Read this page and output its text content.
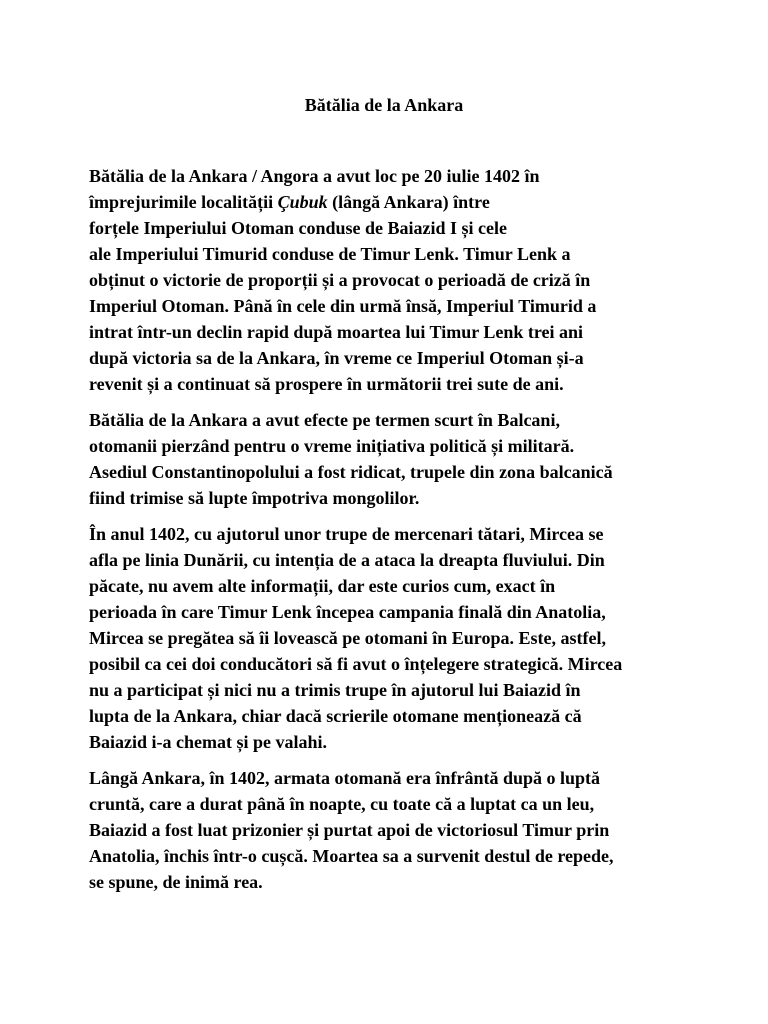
Bătălia de la Ankara

Bătălia de la Ankara / Angora a avut loc pe 20 iulie 1402 în
împrejurimile localității Çubuk (lângă Ankara) între
forțele Imperiului Otoman conduse de Baiazid I și cele
ale Imperiului Timurid conduse de Timur Lenk. Timur Lenk a
obținut o victorie de proporții și a provocat o perioadă de criză în
Imperiul Otoman. Până în cele din urmă însă, Imperiul Timurid a
intrat într-un declin rapid după moartea lui Timur Lenk trei ani
după victoria sa de la Ankara, în vreme ce Imperiul Otoman și-a
revenit și a continuat să prospere în următorii trei sute de ani.

Bătălia de la Ankara a avut efecte pe termen scurt în Balcani,
otomanii pierzând pentru o vreme inițiativa politică și militară.
Asediul Constantinopolului a fost ridicat, trupele din zona balcanică
fiind trimise să lupte împotriva mongolilor.

În anul 1402, cu ajutorul unor trupe de mercenari tătari, Mircea se
afla pe linia Dunării, cu intenția de a ataca la dreapta fluviului. Din
păcate, nu avem alte informații, dar este curios cum, exact în
perioada în care Timur Lenk începea campania finală din Anatolia,
Mircea se pregătea să îi lovească pe otomani în Europa. Este, astfel,
posibil ca cei doi conducători să fi avut o înțelegere strategică. Mircea
nu a participat și nici nu a trimis trupe în ajutorul lui Baiazid în
lupta de la Ankara, chiar dacă scrierile otomane menționează că
Baiazid i-a chemat și pe valahi.

Lângă Ankara, în 1402, armata otomană era înfrântă după o luptă
cruntă, care a durat până în noapte, cu toate că a luptat ca un leu,
Baiazid a fost luat prizonier și purtat apoi de victoriosul Timur prin
Anatolia, închis într-o cușcă. Moartea sa a survenit destul de repede,
se spune, de inimă rea.
